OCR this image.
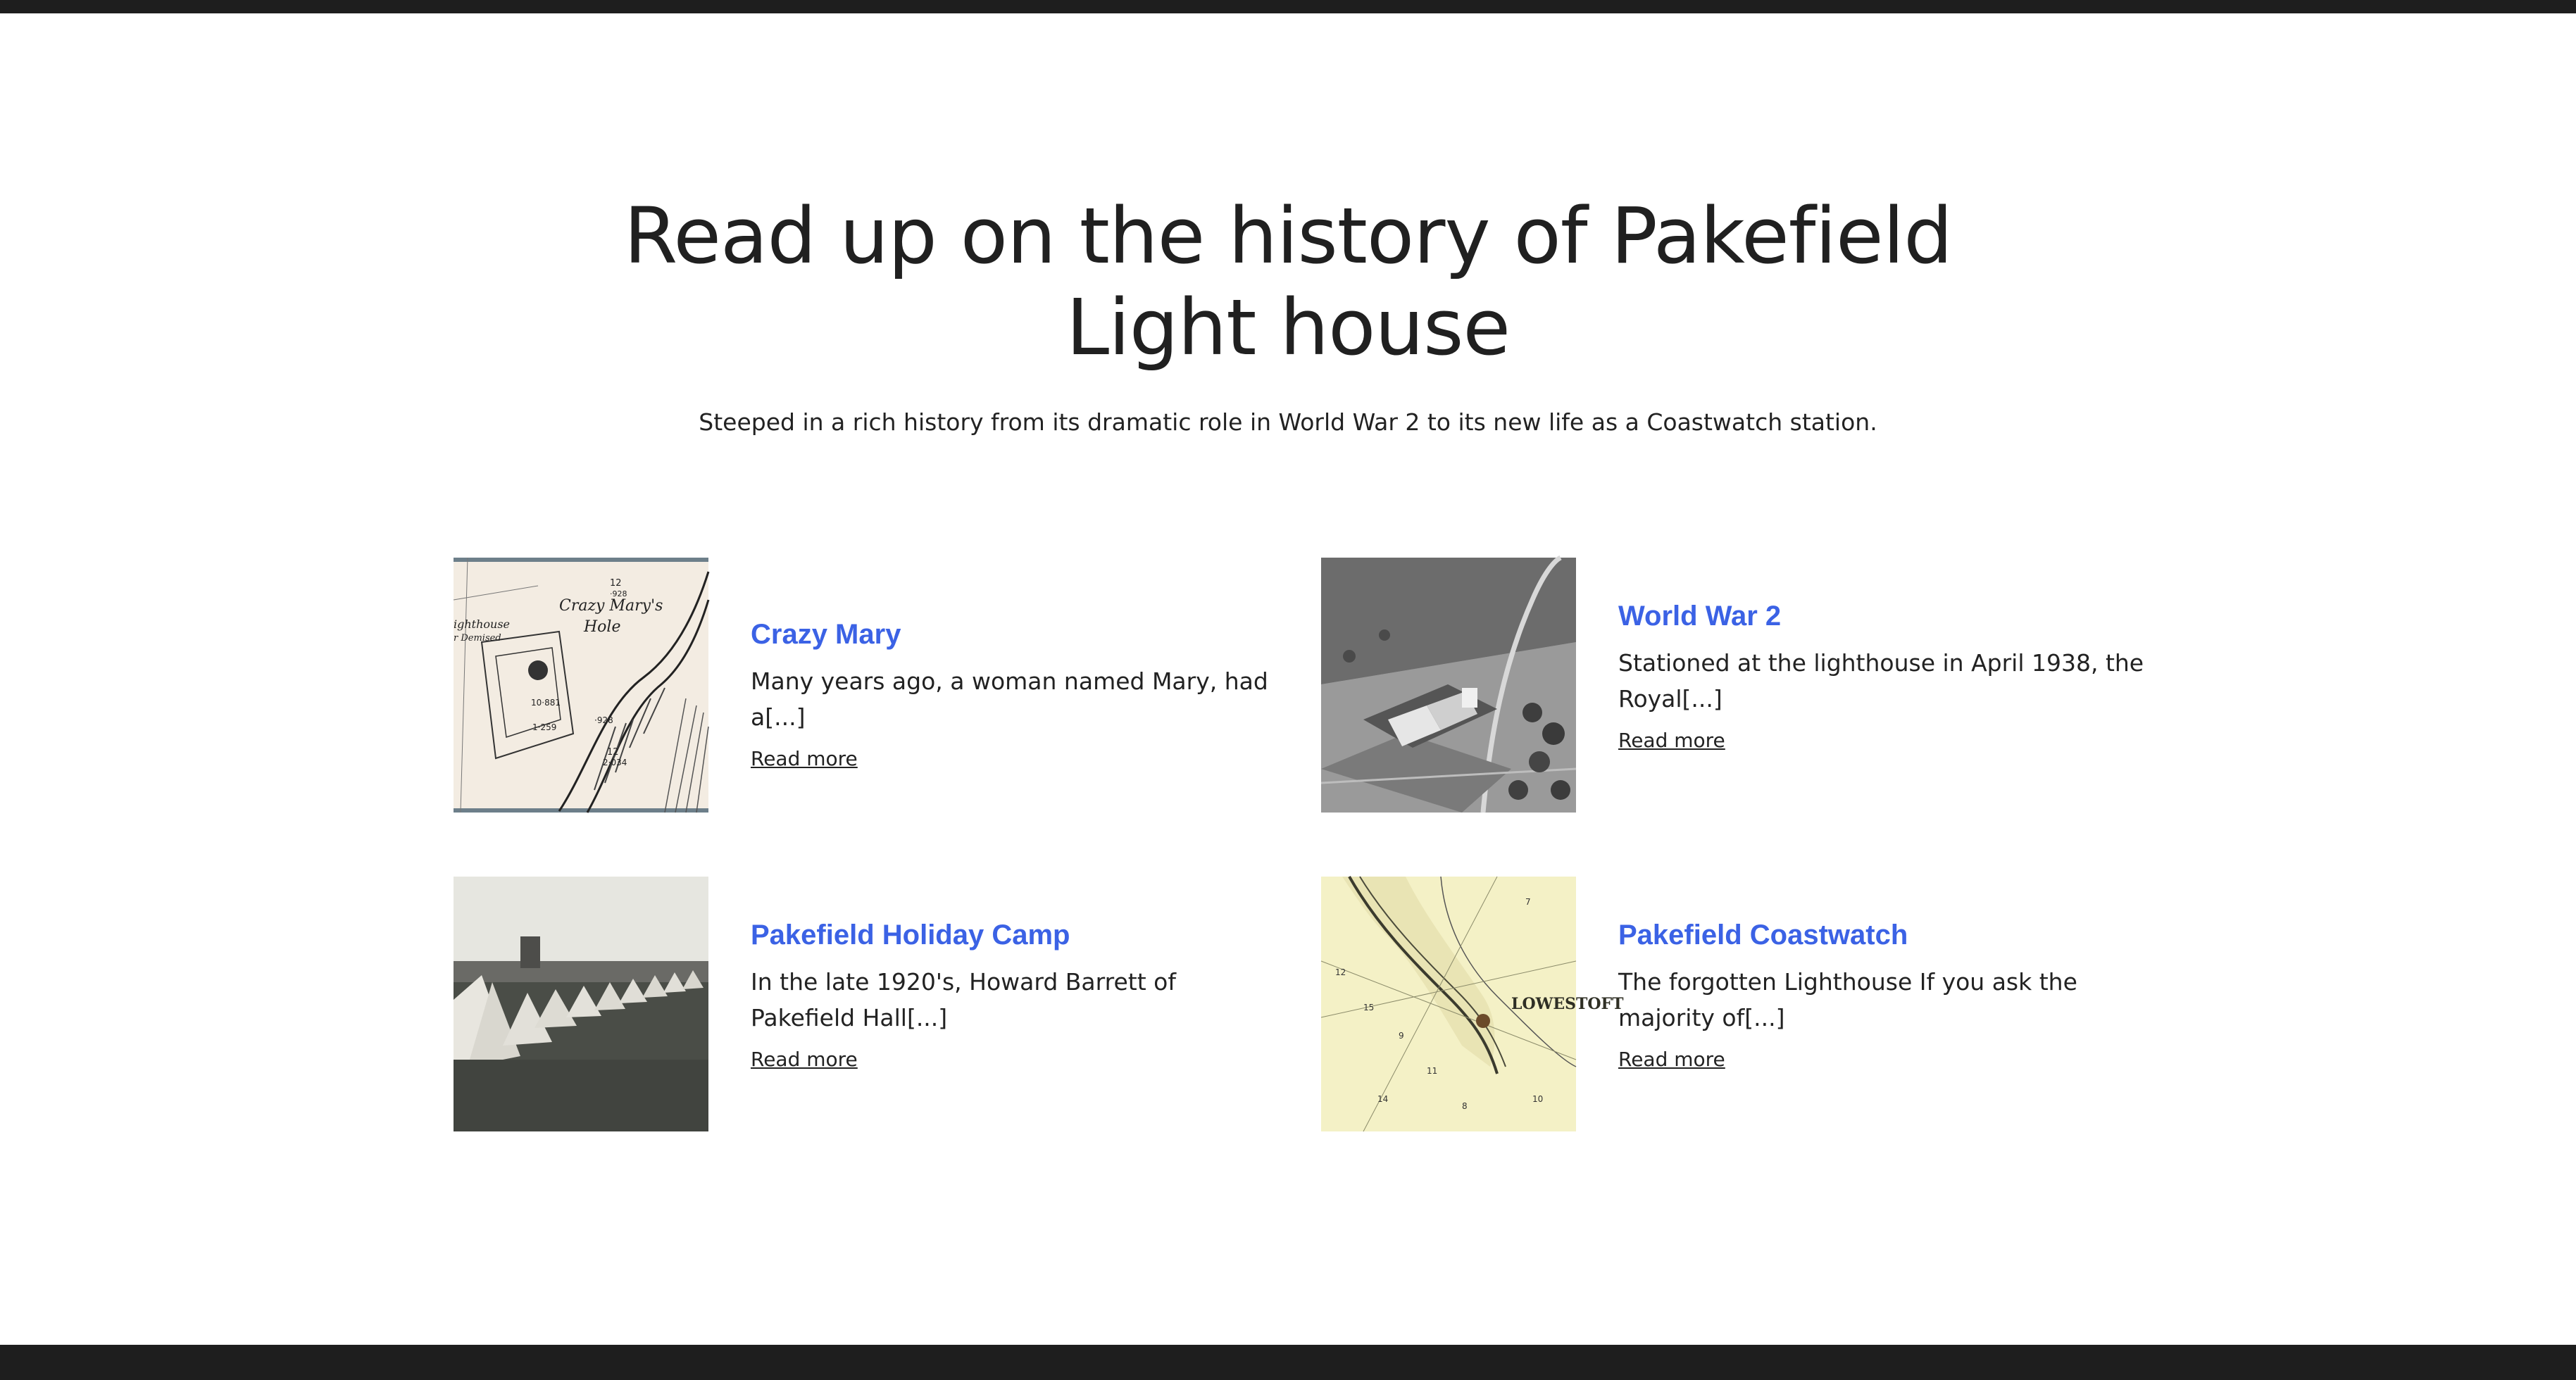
Read up on the history of Pakefield Light house

Steeped in a rich history from its dramatic role in World War 2 to its new life as a Coastwatch station.

Crazy Mary's
Hole
ighthouse
r Demised
12
·928
·928
10·881
1·259
12
2·034
Crazy Mary

Many years ago, a woman named Mary, had a[...]

Read more
World War 2

Stationed at the lighthouse in April 1938, the Royal[...]

Read more
Pakefield Holiday Camp

In the late 1920's, Howard Barrett of Pakefield Hall[...]

Read more
LOWESTOFT
12
15
9
11
14
8
10
7
Pakefield Coastwatch

The forgotten Lighthouse If you ask the majority of[...]

Read more
